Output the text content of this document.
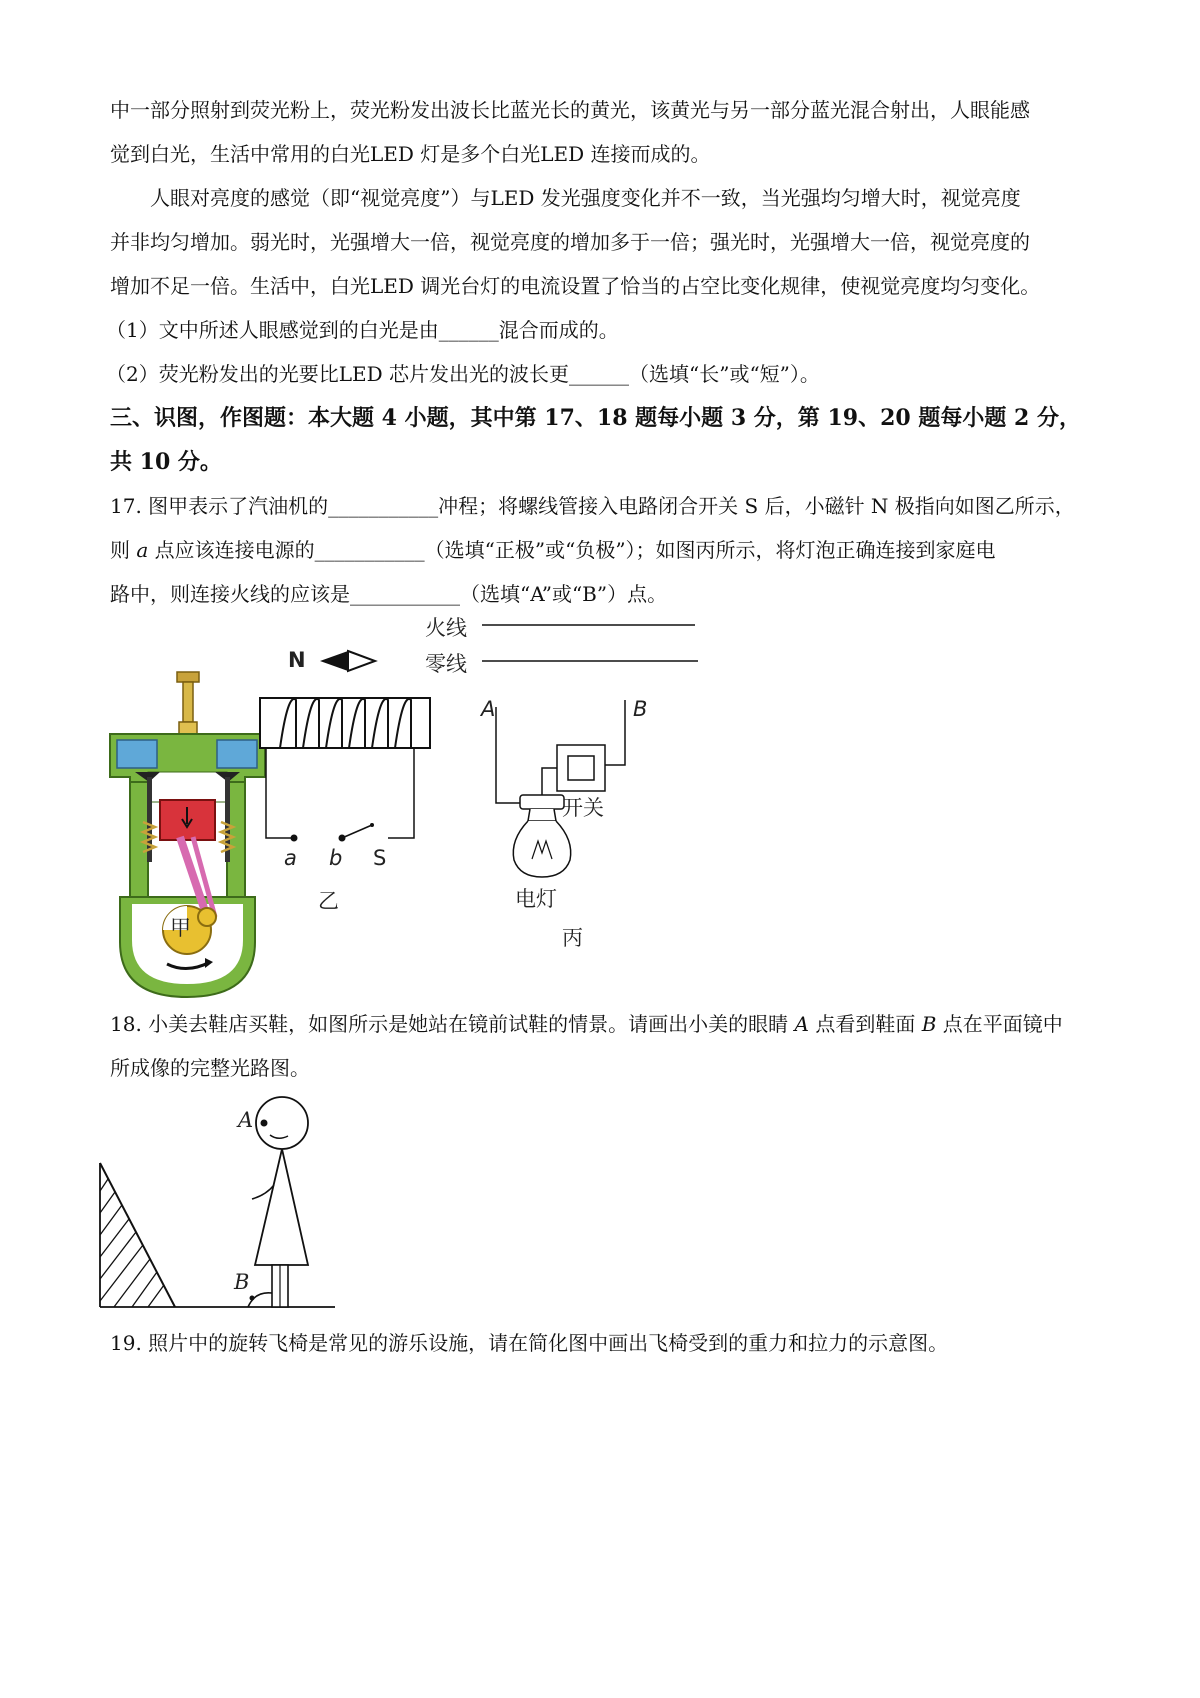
中一部分照射到荧光粉上，荧光粉发出波长比蓝光长的黄光，该黄光与另一部分蓝光混合射出，人眼能感
觉到白光，生活中常用的白光LED 灯是多个白光LED 连接而成的。
人眼对亮度的感觉（即“视觉亮度”）与LED 发光强度变化并不一致，当光强均匀增大时，视觉亮度
并非均匀增加。弱光时，光强增大一倍，视觉亮度的增加多于一倍；强光时，光强增大一倍，视觉亮度的
增加不足一倍。生活中，白光LED 调光台灯的电流设置了恰当的占空比变化规律，使视觉亮度均匀变化。
（1）文中所述人眼感觉到的白光是由______混合而成的。
（2）荧光粉发出的光要比LED 芯片发出光的波长更______（选填“长”或“短”）。
三、识图，作图题：本大题 4 小题，其中第 17、18 题每小题 3 分，第 19、20 题每小题 2 分，
共 10 分。
17. 图甲表示了汽油机的___________冲程；将螺线管接入电路闭合开关 S 后，小磁针 N 极指向如图乙所示，
则 a 点应该连接电源的___________（选填“正极”或“负极”）；如图丙所示，将灯泡正确连接到家庭电
路中，则连接火线的应该是___________（选填“A”或“B”）点。
甲
N
a b S
乙
火线
零线
A	B
开关
电灯
丙
18. 小美去鞋店买鞋，如图所示是她站在镜前试鞋的情景。请画出小美的眼睛 A 点看到鞋面 B 点在平面镜中
所成像的完整光路图。
A
B
19. 照片中的旋转飞椅是常见的游乐设施，请在简化图中画出飞椅受到的重力和拉力的示意图。
